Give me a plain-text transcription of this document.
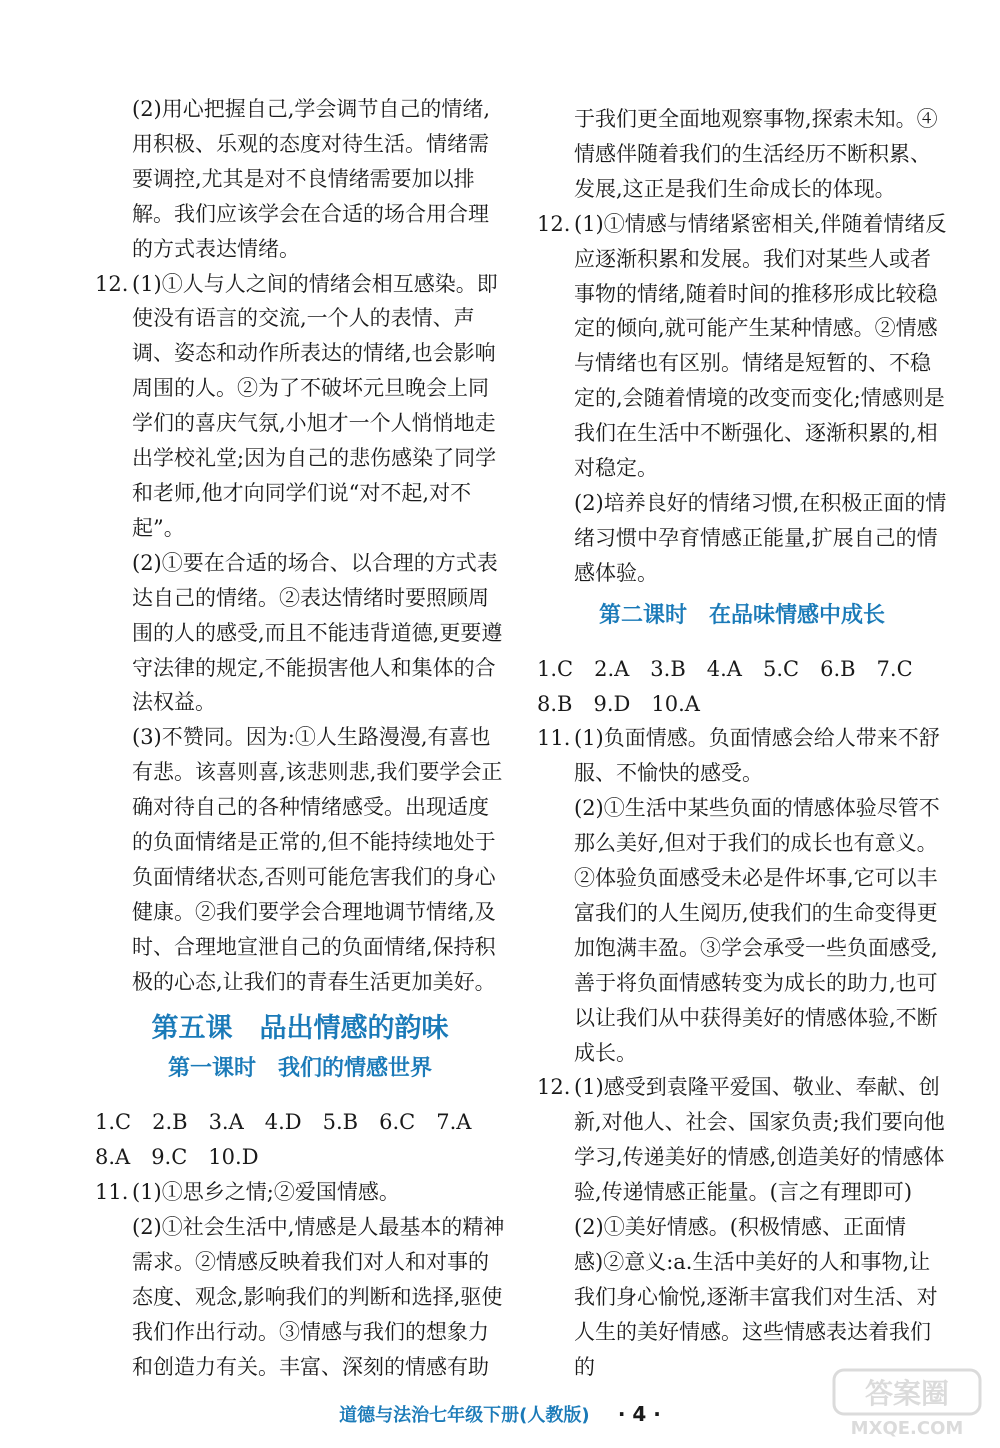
(2)用心把握自己,学会调节自己的情绪,用积极、乐观的态度对待生活。情绪需要调控,尤其是对不良情绪需要加以排解。我们应该学会在合适的场合用合理的方式表达情绪。

12. (1)①人与人之间的情绪会相互感染。即使没有语言的交流,一个人的表情、声调、姿态和动作所表达的情绪,也会影响周围的人。②为了不破坏元旦晚会上同学们的喜庆气氛,小旭才一个人悄悄地走出学校礼堂;因为自己的悲伤感染了同学和老师,他才向同学们说“对不起,对不起”。

(2)①要在合适的场合、以合理的方式表达自己的情绪。②表达情绪时要照顾周围的人的感受,而且不能违背道德,更要遵守法律的规定,不能损害他人和集体的合法权益。

(3)不赞同。因为:①人生路漫漫,有喜也有悲。该喜则喜,该悲则悲,我们要学会正确对待自己的各种情绪感受。出现适度的负面情绪是正常的,但不能持续地处于负面情绪状态,否则可能危害我们的身心健康。②我们要学会合理地调节情绪,及时、合理地宣泄自己的负面情绪,保持积极的心态,让我们的青春生活更加美好。

第五课　品出情感的韵味
第一课时　我们的情感世界

1.C　2.B　3.A　4.D　5.B　6.C　7.A

8.A　9.C　10.D

11. (1)①思乡之情;②爱国情感。

(2)①社会生活中,情感是人最基本的精神需求。②情感反映着我们对人和对事的态度、观念,影响我们的判断和选择,驱使我们作出行动。③情感与我们的想象力和创造力有关。丰富、深刻的情感有助

于我们更全面地观察事物,探索未知。④情感伴随着我们的生活经历不断积累、发展,这正是我们生命成长的体现。

12. (1)①情感与情绪紧密相关,伴随着情绪反应逐渐积累和发展。我们对某些人或者事物的情绪,随着时间的推移形成比较稳定的倾向,就可能产生某种情感。②情感与情绪也有区别。情绪是短暂的、不稳定的,会随着情境的改变而变化;情感则是我们在生活中不断强化、逐渐积累的,相对稳定。

(2)培养良好的情绪习惯,在积极正面的情绪习惯中孕育情感正能量,扩展自己的情感体验。

第二课时　在品味情感中成长

1.C　2.A　3.B　4.A　5.C　6.B　7.C

8.B　9.D　10.A

11. (1)负面情感。负面情感会给人带来不舒服、不愉快的感受。

(2)①生活中某些负面的情感体验尽管不那么美好,但对于我们的成长也有意义。②体验负面感受未必是件坏事,它可以丰富我们的人生阅历,使我们的生命变得更加饱满丰盈。③学会承受一些负面感受,善于将负面情感转变为成长的助力,也可以让我们从中获得美好的情感体验,不断成长。

12. (1)感受到袁隆平爱国、敬业、奉献、创新,对他人、社会、国家负责;我们要向他学习,传递美好的情感,创造美好的情感体验,传递情感正能量。(言之有理即可)

(2)①美好情感。(积极情感、正面情感)②意义:a.生活中美好的人和事物,让我们身心愉悦,逐渐丰富我们对生活、对人生的美好情感。这些情感表达着我们的

道德与法治七年级下册(人教版) · 4 ·
答案圈
MXQE.COM
